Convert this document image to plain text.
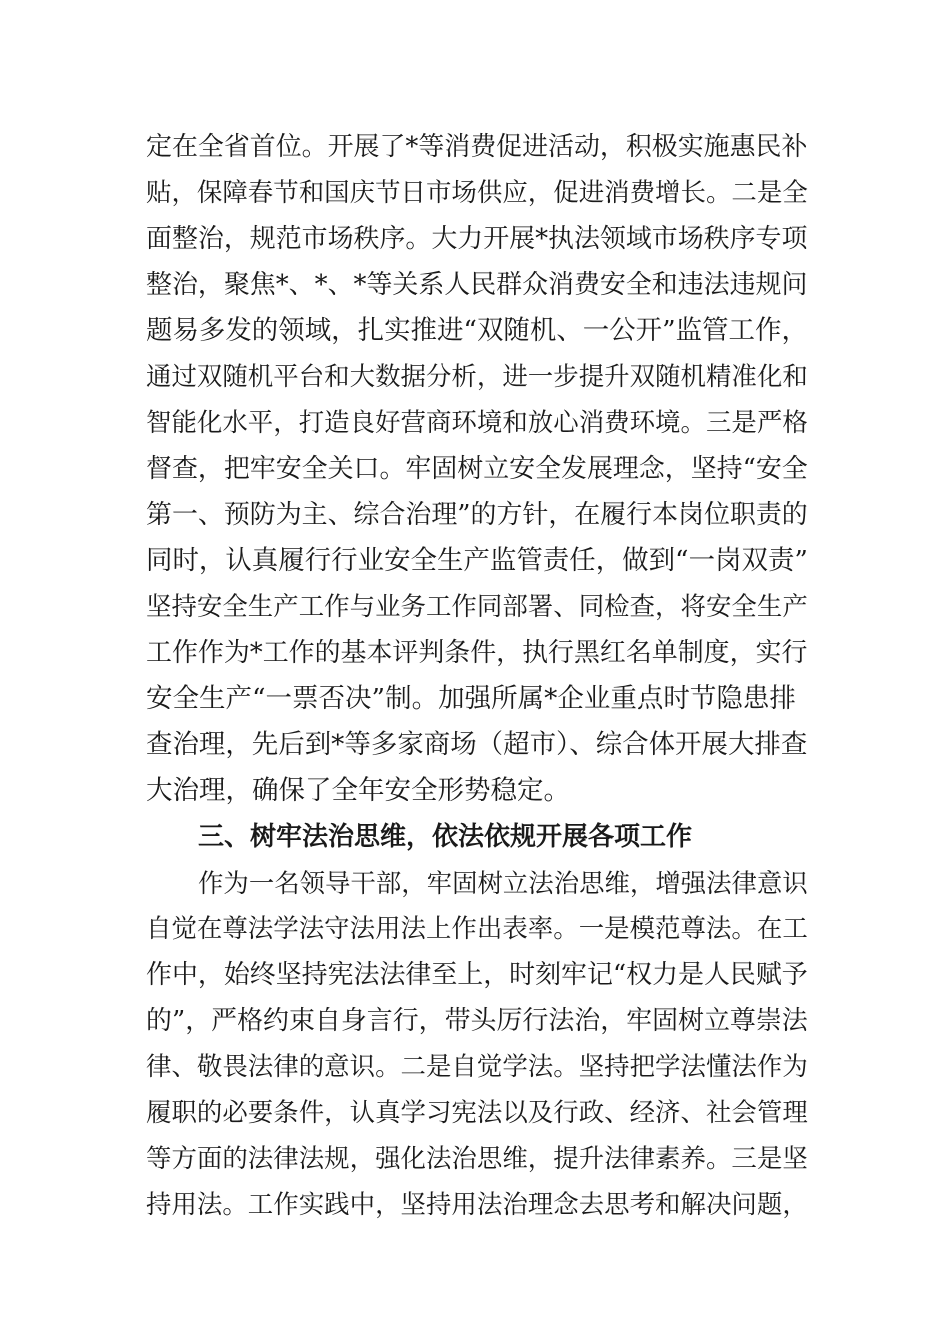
定在全省首位。开展了*等消费促进活动，积极实施惠民补
贴，保障春节和国庆节日市场供应，促进消费增长。二是全
面整治，规范市场秩序。大力开展*执法领域市场秩序专项
整治，聚焦*、*、*等关系人民群众消费安全和违法违规问
题易多发的领域，扎实推进“双随机、一公开”监管工作，
通过双随机平台和大数据分析，进一步提升双随机精准化和
智能化水平，打造良好营商环境和放心消费环境。三是严格
督查，把牢安全关口。牢固树立安全发展理念，坚持“安全
第一、预防为主、综合治理”的方针，在履行本岗位职责的
同时，认真履行行业安全生产监管责任，做到“一岗双责”
坚持安全生产工作与业务工作同部署、同检查，将安全生产
工作作为*工作的基本评判条件，执行黑红名单制度，实行
安全生产“一票否决”制。加强所属*企业重点时节隐患排
查治理，先后到*等多家商场（超市）、综合体开展大排查
大治理，确保了全年安全形势稳定。
三、树牢法治思维，依法依规开展各项工作
作为一名领导干部，牢固树立法治思维，增强法律意识
自觉在尊法学法守法用法上作出表率。一是模范尊法。在工
作中，始终坚持宪法法律至上，时刻牢记“权力是人民赋予
的”，严格约束自身言行，带头厉行法治，牢固树立尊崇法
律、敬畏法律的意识。二是自觉学法。坚持把学法懂法作为
履职的必要条件，认真学习宪法以及行政、经济、社会管理
等方面的法律法规，强化法治思维，提升法律素养。三是坚
持用法。工作实践中，坚持用法治理念去思考和解决问题，
